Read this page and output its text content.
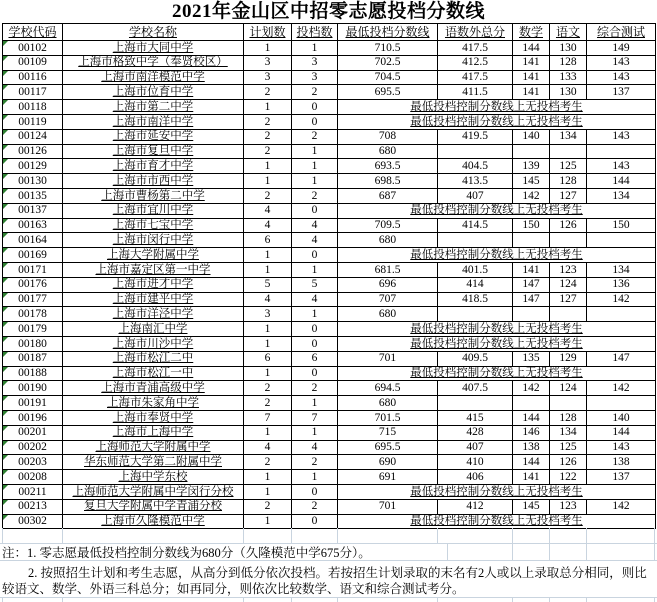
2021年金山区中招零志愿投档分数线
学校代码	学校名称	计划数	投档数	最低投档分数线	语数外总分	数学	语文	综合测试
00102	上海市大同中学	1	1	710.5	417.5	144	130	149
00109	上海市格致中学（奉贤校区）	3	3	702.5	412.5	141	128	143
00116	上海市南洋模范中学	3	3	704.5	417.5	141	133	143
00117	上海市位育中学	2	2	695.5	411.5	141	130	137
00118	上海市第二中学	1	0	最低投档控制分数线上无投档考生				
00119	上海市南洋中学	2	0	最低投档控制分数线上无投档考生				
00124	上海市延安中学	2	2	708	419.5	140	134	143
00126	上海市复旦中学	2	1	680				
00129	上海市育才中学	1	1	693.5	404.5	139	125	143
00130	上海市市西中学	1	1	698.5	413.5	145	128	144
00135	上海市曹杨第二中学	2	2	687	407	142	127	134
00137	上海市宜川中学	4	0	最低投档控制分数线上无投档考生				
00163	上海市七宝中学	4	4	709.5	414.5	150	126	150
00164	上海市闵行中学	6	4	680				
00169	上海大学附属中学	1	0	最低投档控制分数线上无投档考生				
00171	上海市嘉定区第一中学	1	1	681.5	401.5	141	123	134
00176	上海市进才中学	5	5	696	414	147	124	136
00177	上海市建平中学	4	4	707	418.5	147	127	142
00178	上海市洋泾中学	3	1	680				
00179	上海南汇中学	1	0	最低投档控制分数线上无投档考生				
00180	上海市川沙中学	1	0	最低投档控制分数线上无投档考生				
00187	上海市松江二中	6	6	701	409.5	135	129	147
00188	上海市松江一中	1	0	最低投档控制分数线上无投档考生				
00190	上海市青浦高级中学	2	2	694.5	407.5	142	124	142
00191	上海市朱家角中学	2	1	680				
00196	上海市奉贤中学	7	7	701.5	415	144	128	140
00201	上海市上海中学	1	1	715	428	146	134	144
00202	上海师范大学附属中学	4	4	695.5	407	138	125	143
00203	华东师范大学第二附属中学	2	2	690	410	144	126	138
00208	上海中学东校	1	1	691	406	141	122	137
00211	上海师范大学附属中学闵行分校	1	0	最低投档控制分数线上无投档考生				
00213	复旦大学附属中学青浦分校	2	2	701	412	145	123	142
00302	上海市久隆模范中学	1	0	最低投档控制分数线上无投档考生				

注：1. 零志愿最低投档控制分数线为680分（久隆模范中学675分）。

2. 按照招生计划和考生志愿，从高分到低分依次投档。若按招生计划录取的末名有2人或以上录取总分相同，则比较语文、数学、外语三科总分；如再同分，则依次比较数学、语文和综合测试考分。
